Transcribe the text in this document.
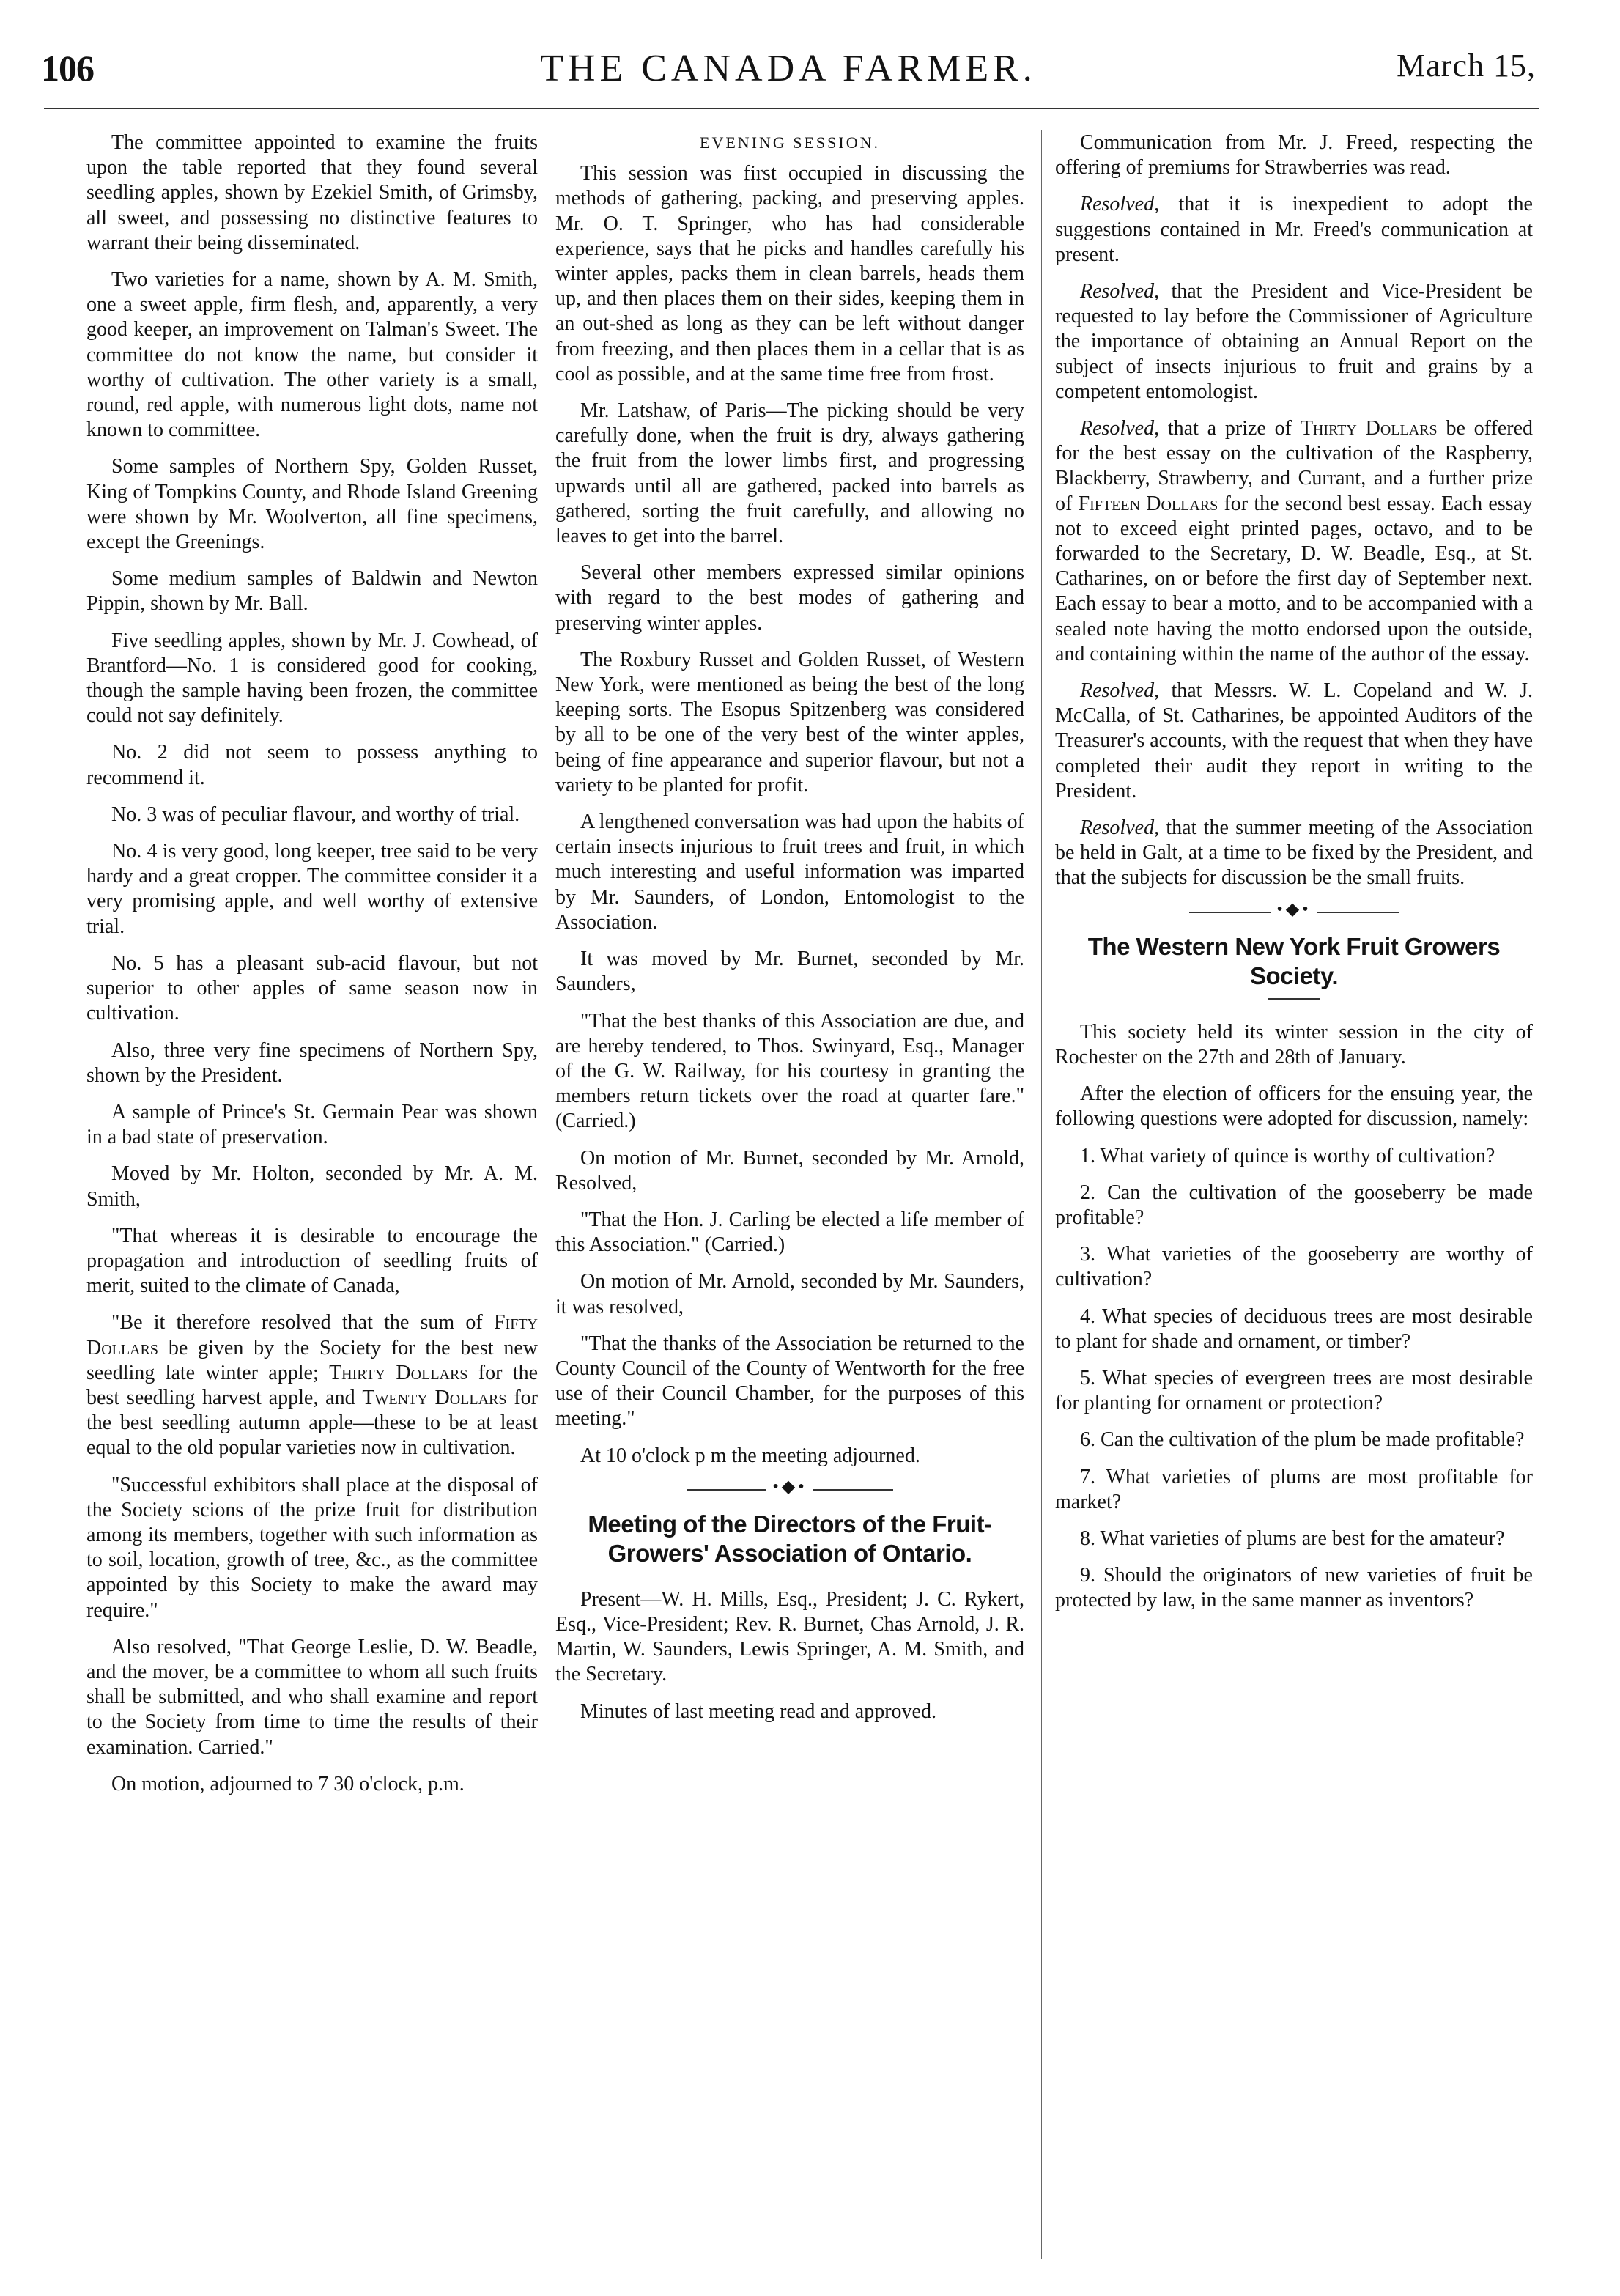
106	THE CANADA FARMER.	March 15,

The committee appointed to examine the fruits upon the table reported that they found several seedling apples, shown by Ezekiel Smith, of Grimsby, all sweet, and possessing no distinctive features to warrant their being disseminated.

Two varieties for a name, shown by A. M. Smith, one a sweet apple, firm flesh, and, apparently, a very good keeper, an improvement on Talman's Sweet. The committee do not know the name, but consider it worthy of cultivation. The other variety is a small, round, red apple, with numerous light dots, name not known to committee.

Some samples of Northern Spy, Golden Russet, King of Tompkins County, and Rhode Island Greening were shown by Mr. Woolverton, all fine specimens, except the Greenings.

Some medium samples of Baldwin and Newton Pippin, shown by Mr. Ball.

Five seedling apples, shown by Mr. J. Cowhead, of Brantford—No. 1 is considered good for cooking, though the sample having been frozen, the committee could not say definitely.

No. 2 did not seem to possess anything to recommend it.

No. 3 was of peculiar flavour, and worthy of trial.

No. 4 is very good, long keeper, tree said to be very hardy and a great cropper. The committee consider it a very promising apple, and well worthy of extensive trial.

No. 5 has a pleasant sub-acid flavour, but not superior to other apples of same season now in cultivation.

Also, three very fine specimens of Northern Spy, shown by the President.

A sample of Prince's St. Germain Pear was shown in a bad state of preservation.

Moved by Mr. Holton, seconded by Mr. A. M. Smith,

"That whereas it is desirable to encourage the propagation and introduction of seedling fruits of merit, suited to the climate of Canada,

"Be it therefore resolved that the sum of Fifty Dollars be given by the Society for the best new seedling late winter apple; Thirty Dollars for the best seedling harvest apple, and Twenty Dollars for the best seedling autumn apple—these to be at least equal to the old popular varieties now in cultivation.

"Successful exhibitors shall place at the disposal of the Society scions of the prize fruit for distribution among its members, together with such information as to soil, location, growth of tree, &c., as the committee appointed by this Society to make the award may require."

Also resolved, "That George Leslie, D. W. Beadle, and the mover, be a committee to whom all such fruits shall be submitted, and who shall examine and report to the Society from time to time the results of their examination. Carried."

On motion, adjourned to 7 30 o'clock, p.m.

EVENING SESSION.

This session was first occupied in discussing the methods of gathering, packing, and preserving apples. Mr. O. T. Springer, who has had considerable experience, says that he picks and handles carefully his winter apples, packs them in clean barrels, heads them up, and then places them on their sides, keeping them in an out-shed as long as they can be left without danger from freezing, and then places them in a cellar that is as cool as possible, and at the same time free from frost.

Mr. Latshaw, of Paris—The picking should be very carefully done, when the fruit is dry, always gathering the fruit from the lower limbs first, and progressing upwards until all are gathered, packed into barrels as gathered, sorting the fruit carefully, and allowing no leaves to get into the barrel.

Several other members expressed similar opinions with regard to the best modes of gathering and preserving winter apples.

The Roxbury Russet and Golden Russet, of Western New York, were mentioned as being the best of the long keeping sorts. The Esopus Spitzenberg was considered by all to be one of the very best of the winter apples, being of fine appearance and superior flavour, but not a variety to be planted for profit.

A lengthened conversation was had upon the habits of certain insects injurious to fruit trees and fruit, in which much interesting and useful information was imparted by Mr. Saunders, of London, Entomologist to the Association.

It was moved by Mr. Burnet, seconded by Mr. Saunders,

"That the best thanks of this Association are due, and are hereby tendered, to Thos. Swinyard, Esq., Manager of the G. W. Railway, for his courtesy in granting the members return tickets over the road at quarter fare." (Carried.)

On motion of Mr. Burnet, seconded by Mr. Arnold, Resolved,

"That the Hon. J. Carling be elected a life member of this Association." (Carried.)

On motion of Mr. Arnold, seconded by Mr. Saunders, it was resolved,

"That the thanks of the Association be returned to the County Council of the County of Wentworth for the free use of their Council Chamber, for the purposes of this meeting."

At 10 o'clock p m the meeting adjourned.

•◆•
Meeting of the Directors of the Fruit-Growers' Association of Ontario.

Present—W. H. Mills, Esq., President; J. C. Rykert, Esq., Vice-President; Rev. R. Burnet, Chas Arnold, J. R. Martin, W. Saunders, Lewis Springer, A. M. Smith, and the Secretary.

Minutes of last meeting read and approved.

Communication from Mr. J. Freed, respecting the offering of premiums for Strawberries was read.

Resolved, that it is inexpedient to adopt the suggestions contained in Mr. Freed's communication at present.

Resolved, that the President and Vice-President be requested to lay before the Commissioner of Agriculture the importance of obtaining an Annual Report on the subject of insects injurious to fruit and grains by a competent entomologist.

Resolved, that a prize of Thirty Dollars be offered for the best essay on the cultivation of the Raspberry, Blackberry, Strawberry, and Currant, and a further prize of Fifteen Dollars for the second best essay. Each essay not to exceed eight printed pages, octavo, and to be forwarded to the Secretary, D. W. Beadle, Esq., at St. Catharines, on or before the first day of September next. Each essay to bear a motto, and to be accompanied with a sealed note having the motto endorsed upon the outside, and containing within the name of the author of the essay.

Resolved, that Messrs. W. L. Copeland and W. J. McCalla, of St. Catharines, be appointed Auditors of the Treasurer's accounts, with the request that when they have completed their audit they report in writing to the President.

Resolved, that the summer meeting of the Association be held in Galt, at a time to be fixed by the President, and that the subjects for discussion be the small fruits.

•◆•
The Western New York Fruit Growers Society.

This society held its winter session in the city of Rochester on the 27th and 28th of January.

After the election of officers for the ensuing year, the following questions were adopted for discussion, namely:

1. What variety of quince is worthy of cultivation?

2. Can the cultivation of the gooseberry be made profitable?

3. What varieties of the gooseberry are worthy of cultivation?

4. What species of deciduous trees are most desirable to plant for shade and ornament, or timber?

5. What species of evergreen trees are most desirable for planting for ornament or protection?

6. Can the cultivation of the plum be made profitable?

7. What varieties of plums are most profitable for market?

8. What varieties of plums are best for the amateur?

9. Should the originators of new varieties of fruit be protected by law, in the same manner as inventors?
